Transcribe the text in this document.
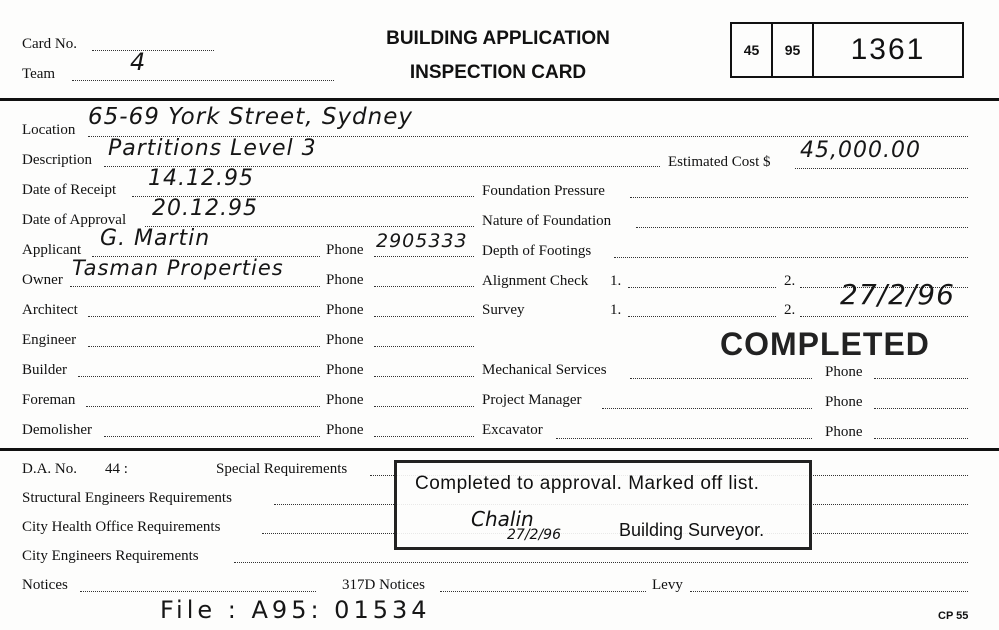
Card No.
Team	4
BUILDING APPLICATION
INSPECTION CARD
45	95	1361
Location 65-69 York Street, Sydney
Description Partitions Level 3
Estimated Cost $ 45,000.00
Date of Receipt 14.12.95
Date of Approval 20.12.95
Applicant G. Martin	Phone 2905333
Owner Tasman Properties	Phone
Architect	Phone
Engineer	Phone
Builder	Phone
Foreman	Phone
Demolisher	Phone
Foundation Pressure
Nature of Foundation
Depth of Footings
Alignment Check 1.	2.
Survey	1.	2. 27/2/96
COMPLETED
Mechanical Services	Phone
Project Manager	Phone
Excavator	Phone
D.A. No. 44 :	Special Requirements
Structural Engineers Requirements
City Health Office Requirements
City Engineers Requirements
Notices	317D Notices	Levy
File : A95: 01534	CP 55
Completed to approval. Marked off list.
Chalin
27/2/96	Building Surveyor.
